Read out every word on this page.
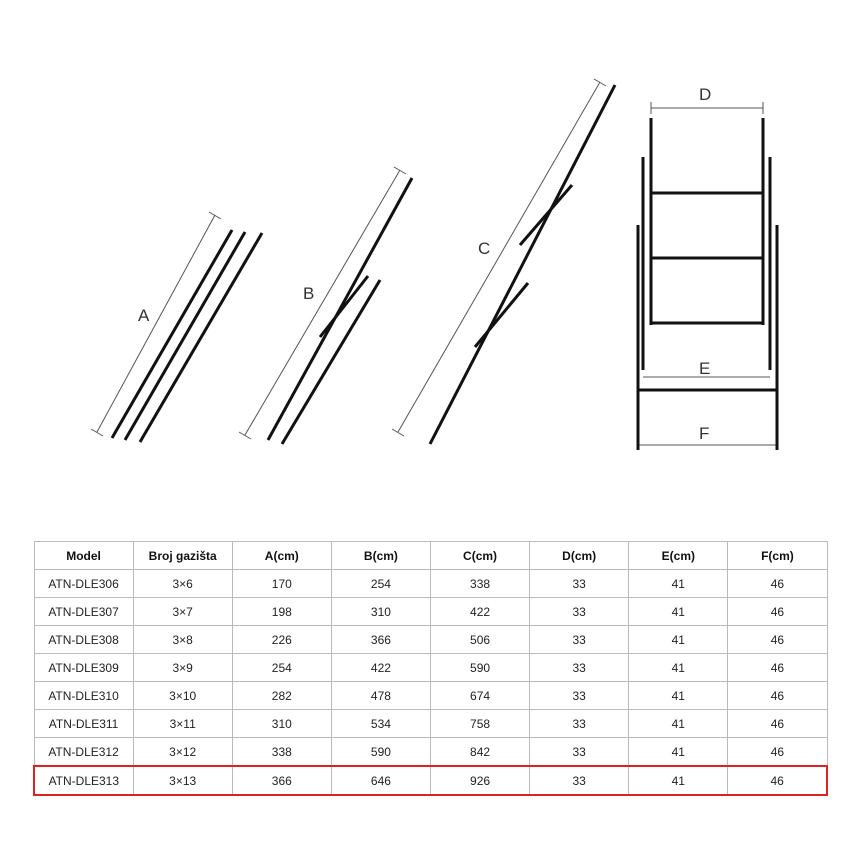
A
B
C
D
E
F
Model	Broj gazišta	A(cm)	B(cm)	C(cm)	D(cm)	E(cm)	F(cm)
ATN-DLE306	3×6	170	254	338	33	41	46
ATN-DLE307	3×7	198	310	422	33	41	46
ATN-DLE308	3×8	226	366	506	33	41	46
ATN-DLE309	3×9	254	422	590	33	41	46
ATN-DLE310	3×10	282	478	674	33	41	46
ATN-DLE311	3×11	310	534	758	33	41	46
ATN-DLE312	3×12	338	590	842	33	41	46
ATN-DLE313	3×13	366	646	926	33	41	46
